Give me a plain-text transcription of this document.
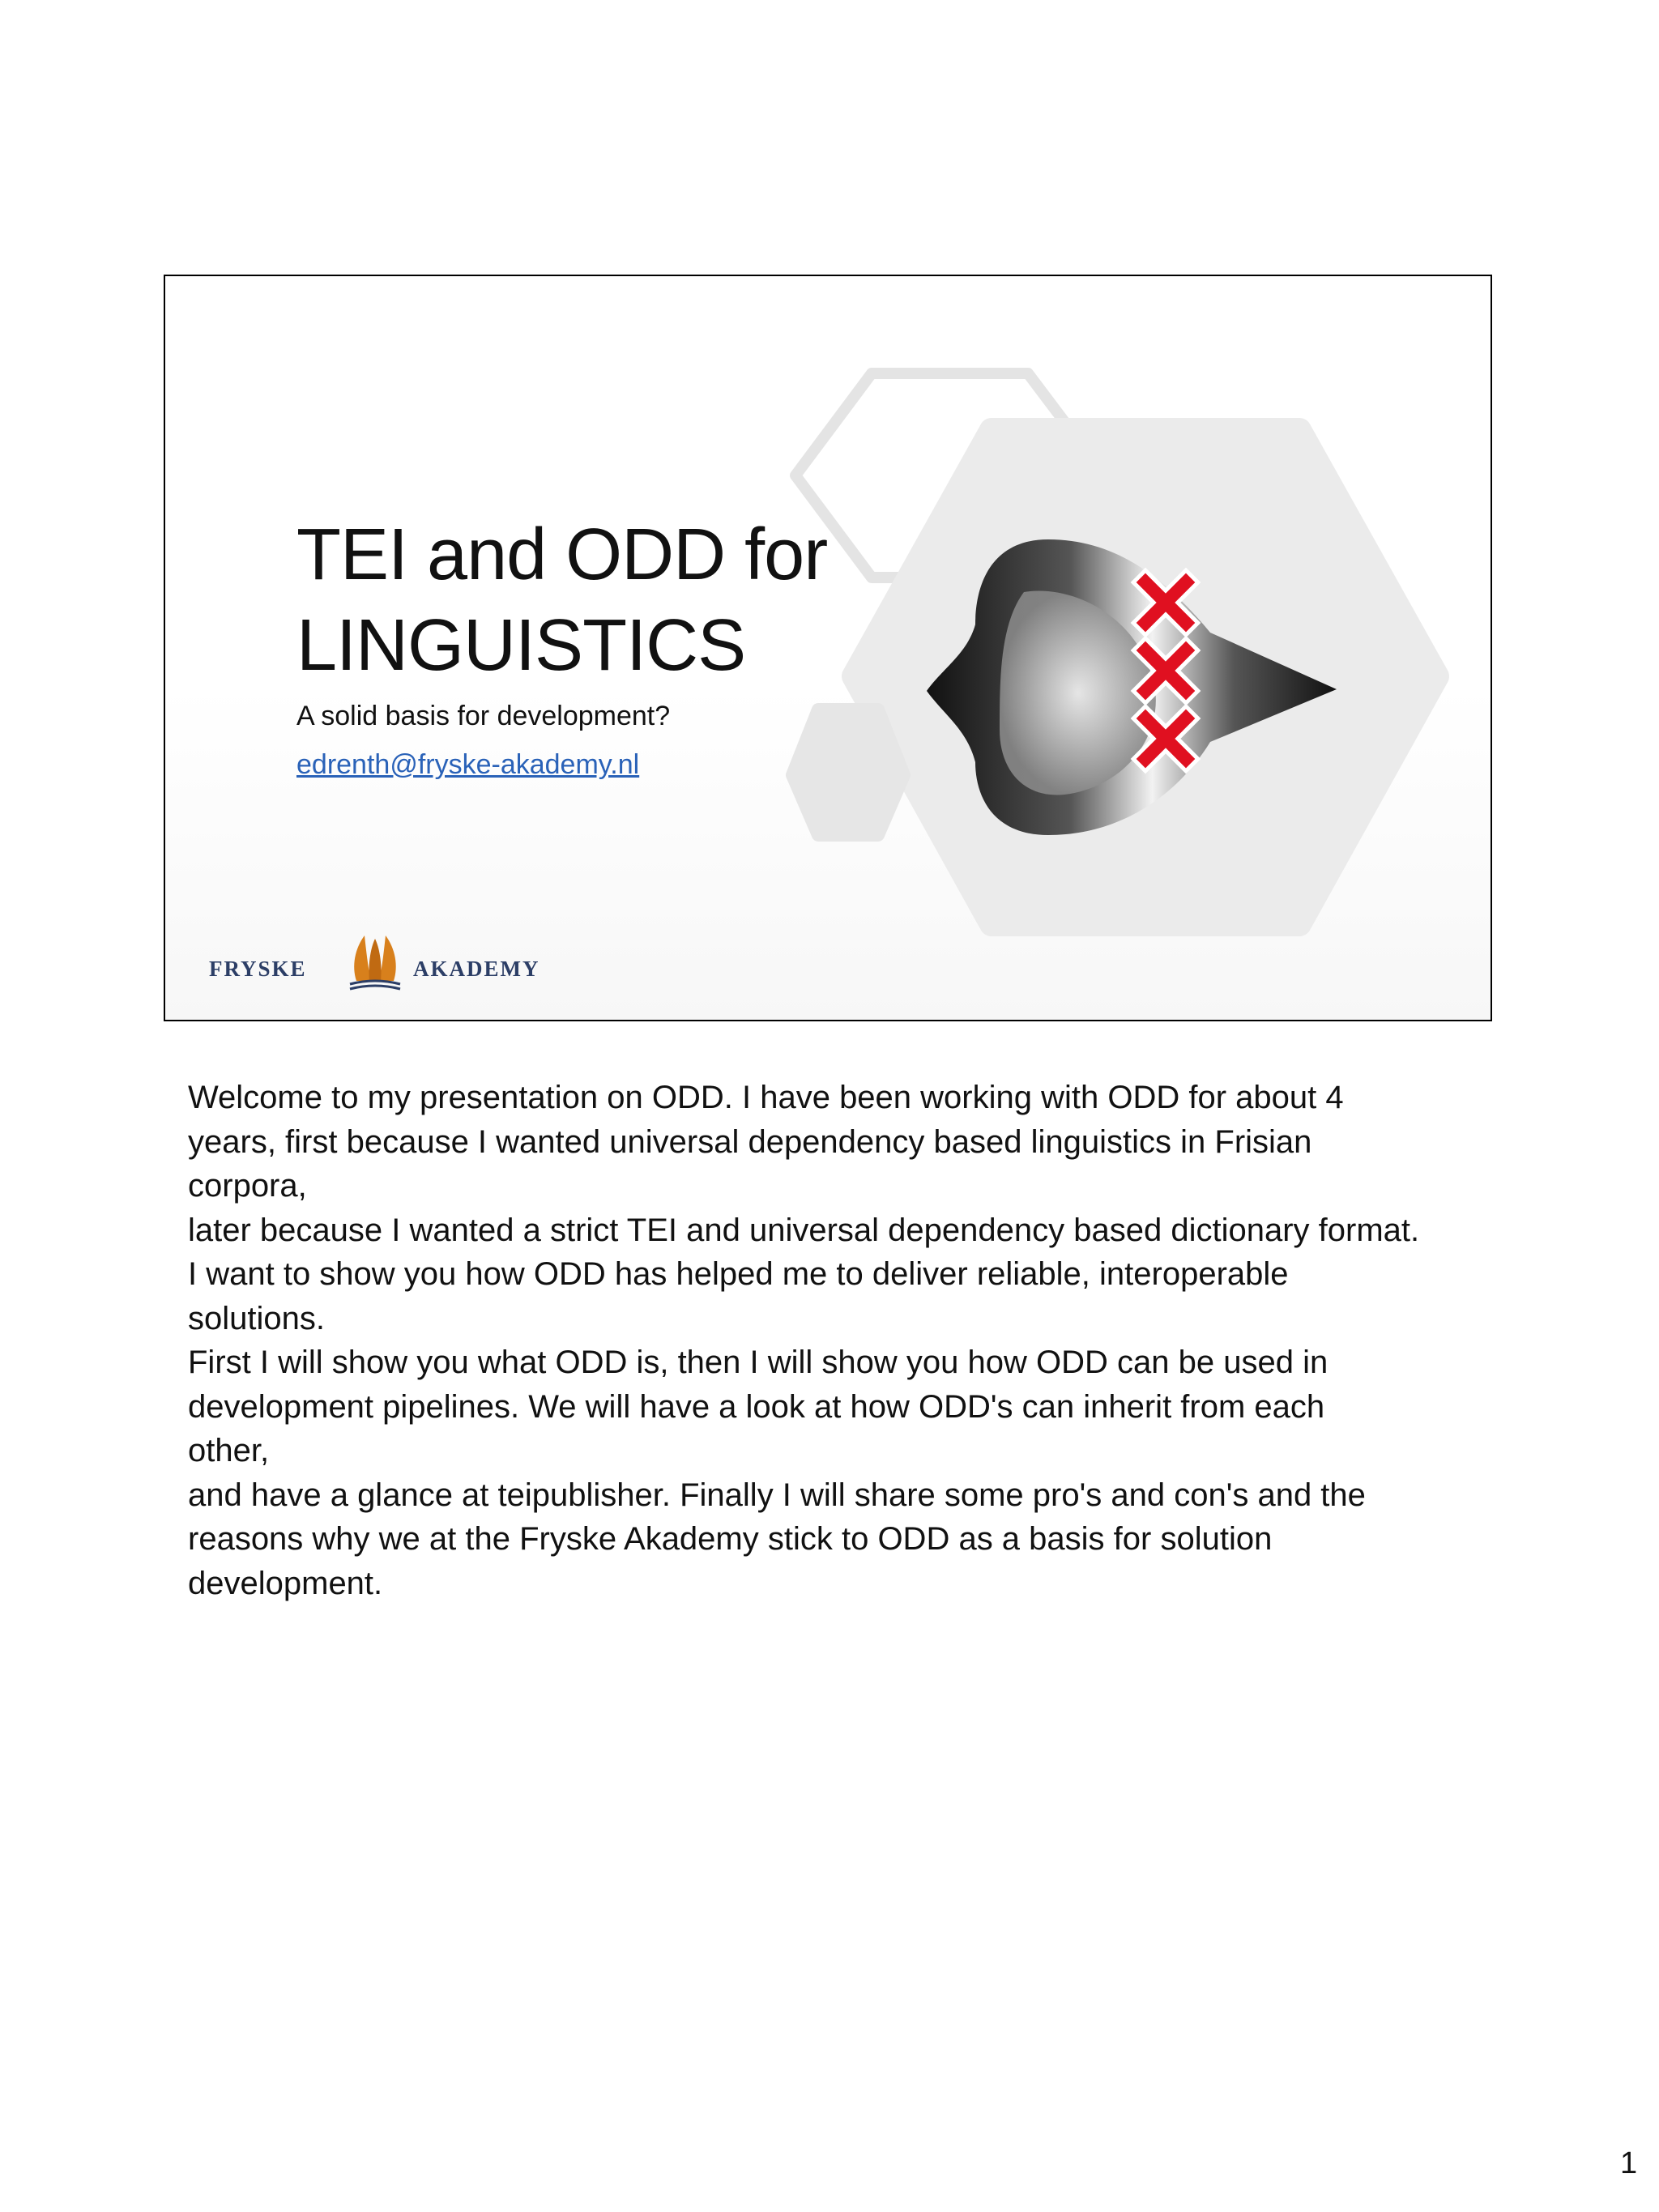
TEI and ODD for
LINGUISTICS

A solid basis for development?

edrenth@fryske-akademy.nl
FRYSKE	AKADEMY

Welcome to my presentation on ODD. I have been working with ODD for about 4

years, first because I wanted universal dependency based linguistics in Frisian

corpora,

later because I wanted a strict TEI and universal dependency based dictionary format.

I want to show you how ODD has helped me to deliver reliable, interoperable

solutions.

First I will show you what ODD is, then I will show you how ODD can be used in

development pipelines. We will have a look at how ODD's can inherit from each

other,

and have a glance at teipublisher. Finally I will share some pro's and con's and the

reasons why we at the Fryske Akademy stick to ODD as a basis for solution

development.

1
